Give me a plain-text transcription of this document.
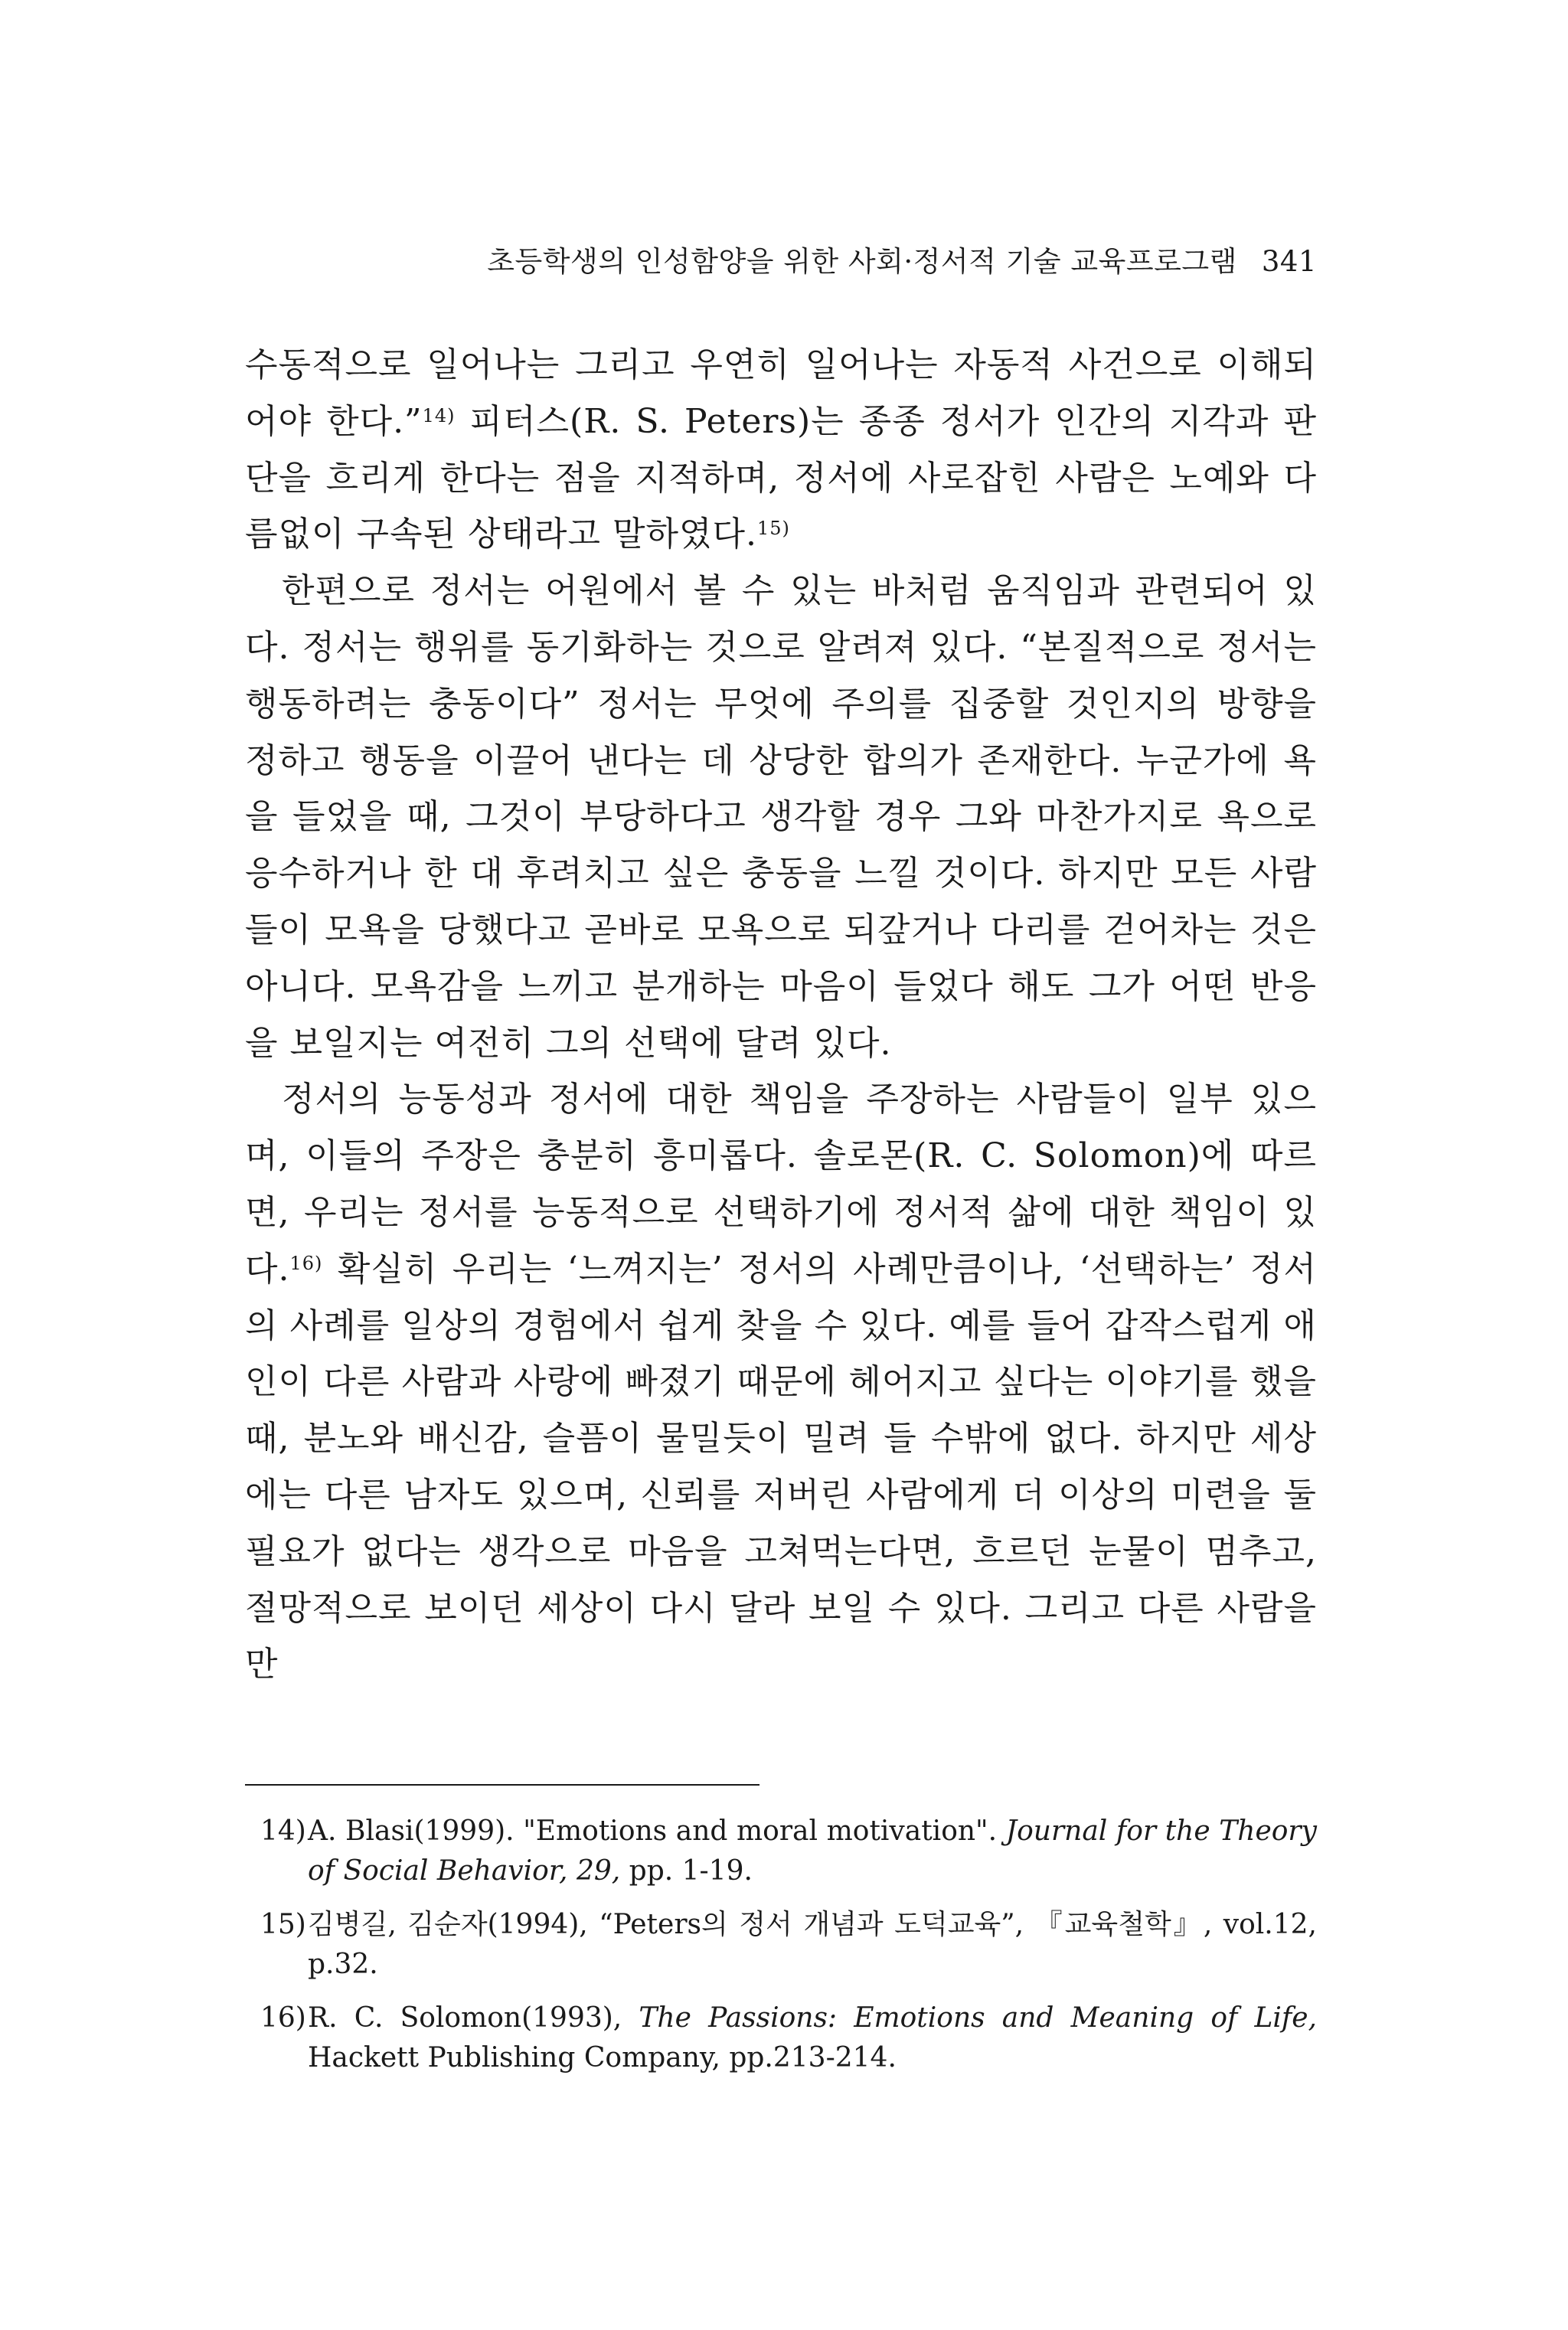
초등학생의 인성함양을 위한 사회·정서적 기술 교육프로그램 341

수동적으로 일어나는 그리고 우연히 일어나는 자동적 사건으로 이해되어야 한다.”$^{14)}$ 피터스(R. S. Peters)는 종종 정서가 인간의 지각과 판단을 흐리게 한다는 점을 지적하며, 정서에 사로잡힌 사람은 노예와 다름없이 구속된 상태라고 말하였다.$^{15)}$

한편으로 정서는 어원에서 볼 수 있는 바처럼 움직임과 관련되어 있다. 정서는 행위를 동기화하는 것으로 알려져 있다. “본질적으로 정서는 행동하려는 충동이다” 정서는 무엇에 주의를 집중할 것인지의 방향을 정하고 행동을 이끌어 낸다는 데 상당한 합의가 존재한다. 누군가에 욕을 들었을 때, 그것이 부당하다고 생각할 경우 그와 마찬가지로 욕으로 응수하거나 한 대 후려치고 싶은 충동을 느낄 것이다. 하지만 모든 사람들이 모욕을 당했다고 곧바로 모욕으로 되갚거나 다리를 걷어차는 것은 아니다. 모욕감을 느끼고 분개하는 마음이 들었다 해도 그가 어떤 반응을 보일지는 여전히 그의 선택에 달려 있다.

정서의 능동성과 정서에 대한 책임을 주장하는 사람들이 일부 있으며, 이들의 주장은 충분히 흥미롭다. 솔로몬(R. C. Solomon)에 따르면, 우리는 정서를 능동적으로 선택하기에 정서적 삶에 대한 책임이 있다.$^{16)}$ 확실히 우리는 ‘느껴지는’ 정서의 사례만큼이나, ‘선택하는’ 정서의 사례를 일상의 경험에서 쉽게 찾을 수 있다. 예를 들어 갑작스럽게 애인이 다른 사람과 사랑에 빠졌기 때문에 헤어지고 싶다는 이야기를 했을 때, 분노와 배신감, 슬픔이 물밀듯이 밀려 들 수밖에 없다. 하지만 세상에는 다른 남자도 있으며, 신뢰를 저버린 사람에게 더 이상의 미련을 둘 필요가 없다는 생각으로 마음을 고쳐먹는다면, 흐르던 눈물이 멈추고, 절망적으로 보이던 세상이 다시 달라 보일 수 있다. 그리고 다른 사람을 만

14) A. Blasi(1999). "Emotions and moral motivation". Journal for the Theory of Social Behavior, 29, pp. 1-19.
15) 김병길, 김순자(1994), “Peters의 정서 개념과 도덕교육”, 『교육철학』, vol.12, p.32.
16) R. C. Solomon(1993), The Passions: Emotions and Meaning of Life, Hackett Publishing Company, pp.213-214.
